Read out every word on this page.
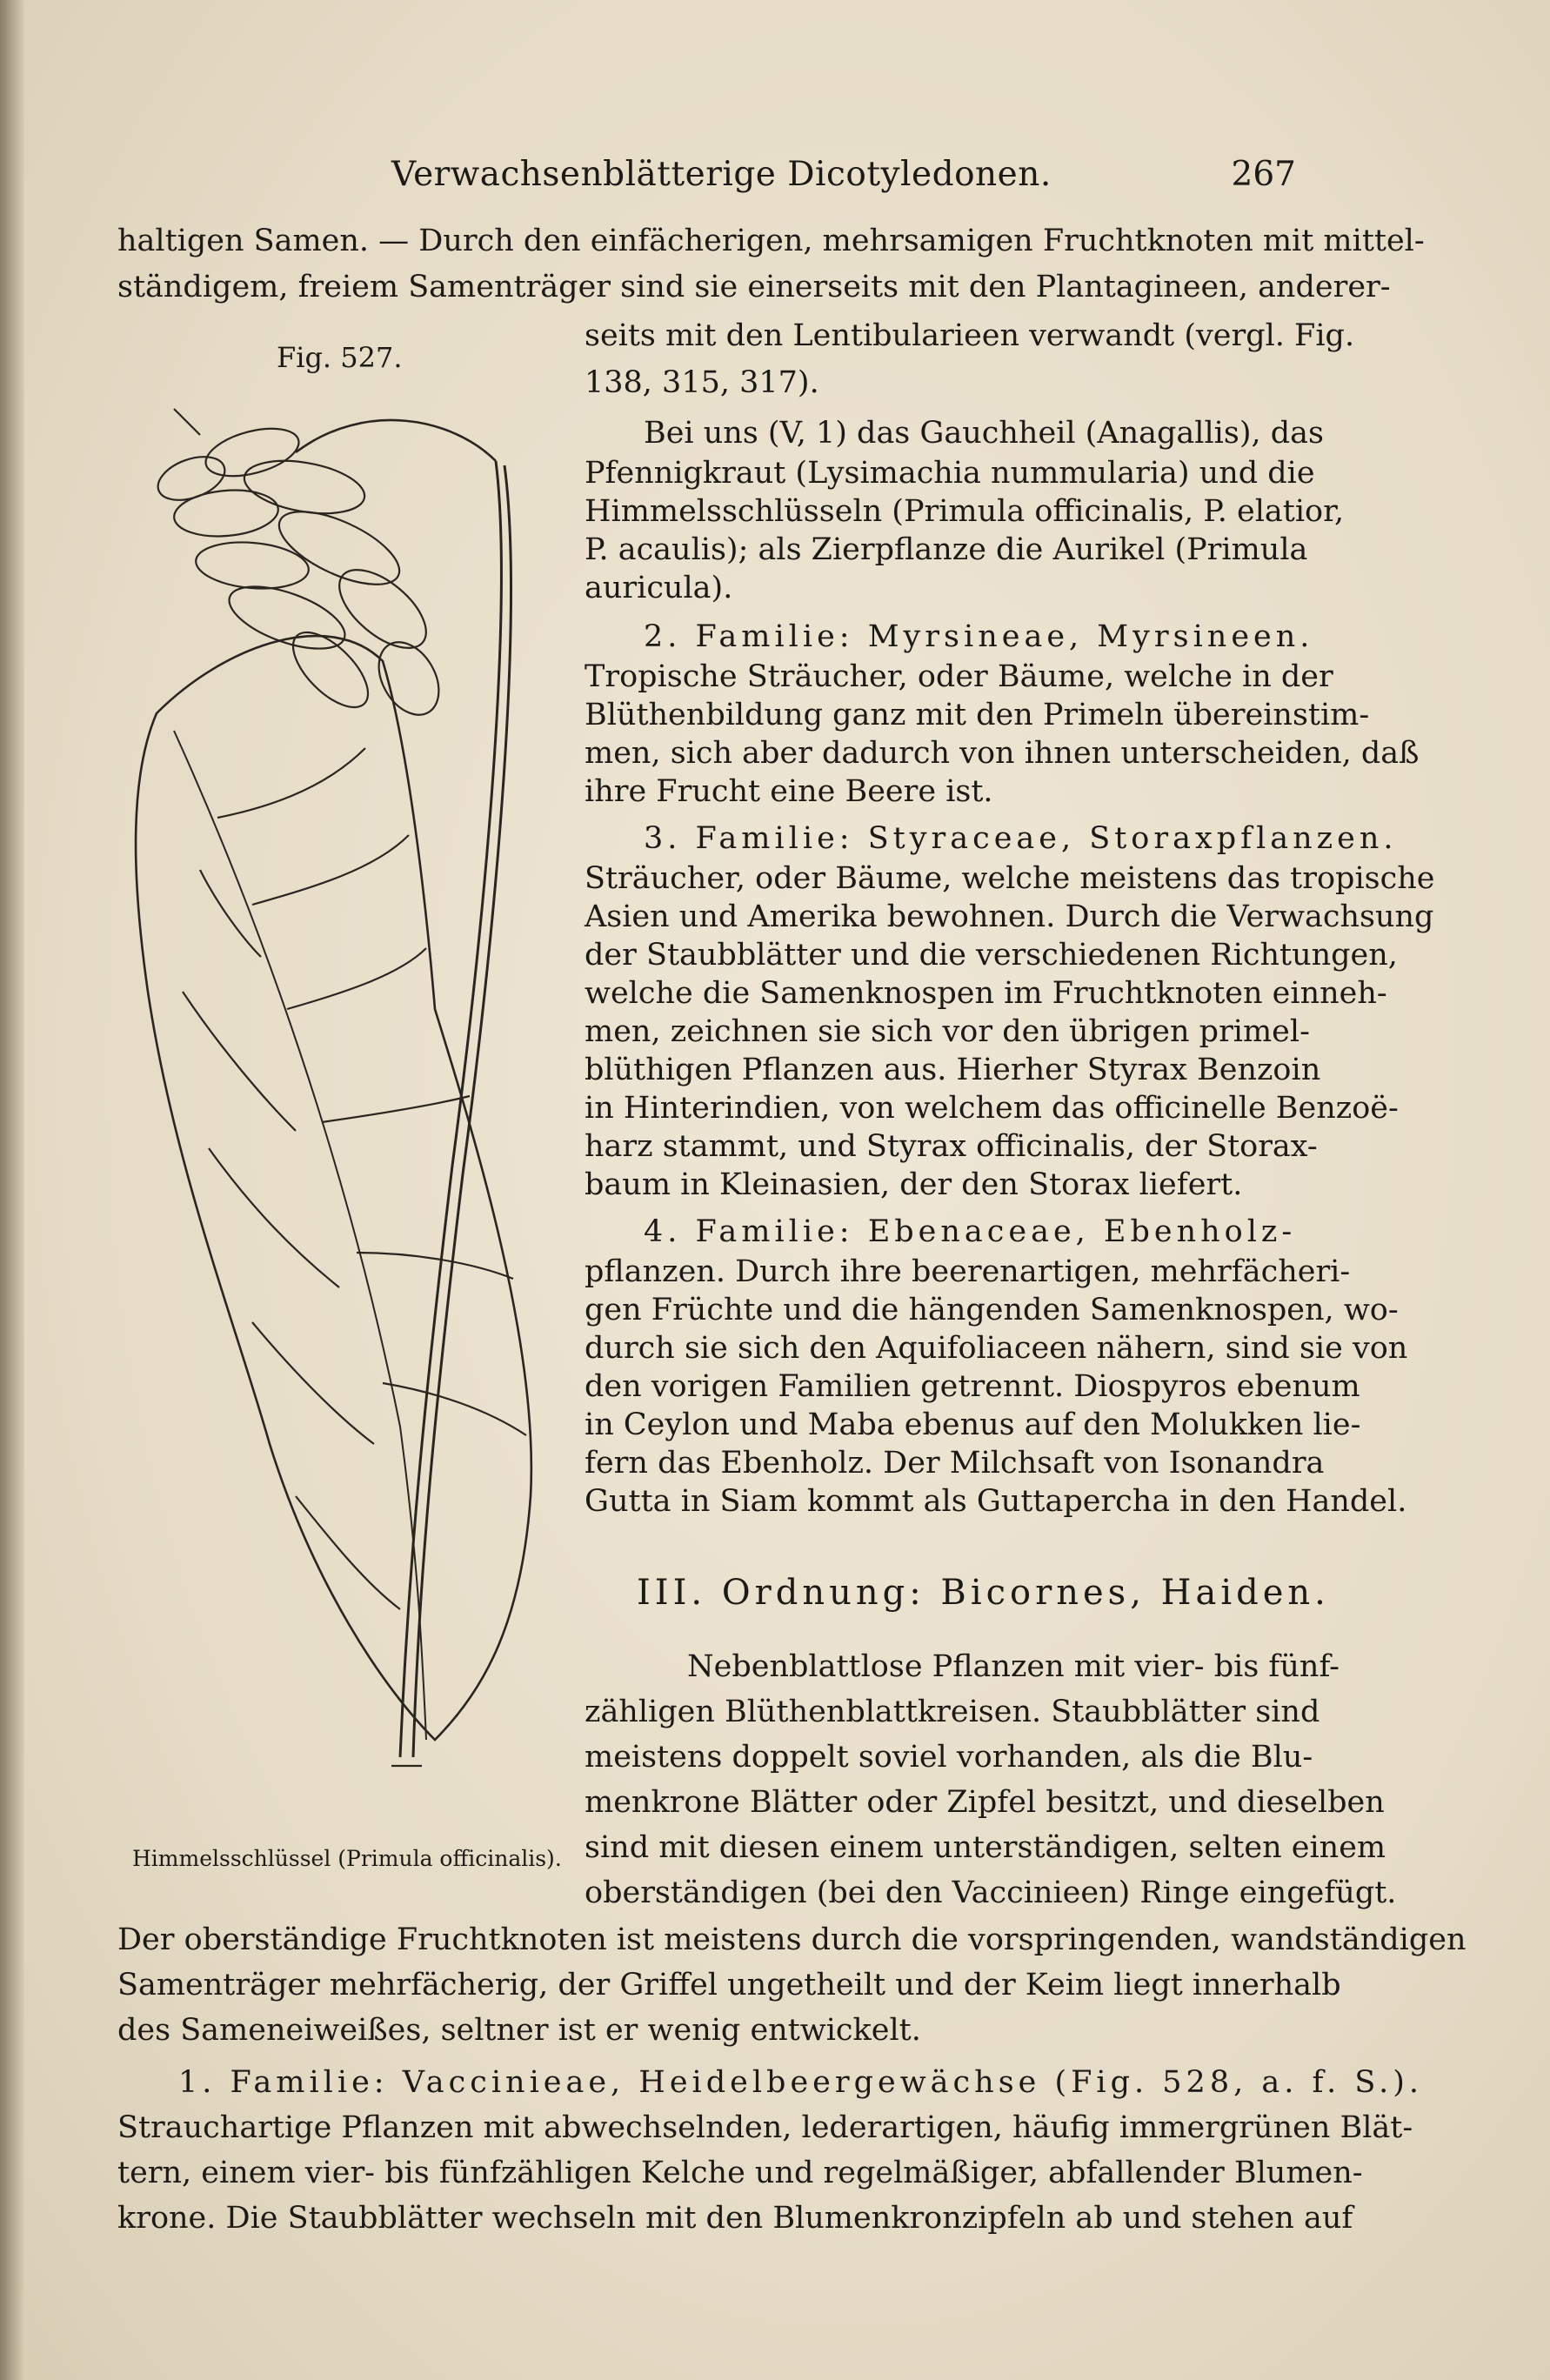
Verwachsenblätterige Dicotyledonen.	267
haltigen Samen. — Durch den einfächerigen, mehrsamigen Fruchtknoten mit mittel-
ständigem, freiem Samenträger sind sie einerseits mit den Plantagineen, anderer-
seits mit den Lentibularieen verwandt (vergl. Fig.
138, 315, 317).
Fig. 527.
Himmelsschlüssel (Primula officinalis).
Bei uns (V, 1) das Gauchheil (Anagallis), das
Pfennigkraut (Lysimachia nummularia) und die
Himmelsschlüsseln (Primula officinalis, P. elatior,
P. acaulis); als Zierpflanze die Aurikel (Primula
auricula).
2. Familie: Myrsineae, Myrsineen.
Tropische Sträucher, oder Bäume, welche in der
Blüthenbildung ganz mit den Primeln übereinstim-
men, sich aber dadurch von ihnen unterscheiden, daß
ihre Frucht eine Beere ist.
3. Familie: Styraceae, Storaxpflanzen.
Sträucher, oder Bäume, welche meistens das tropische
Asien und Amerika bewohnen. Durch die Verwachsung
der Staubblätter und die verschiedenen Richtungen,
welche die Samenknospen im Fruchtknoten einneh-
men, zeichnen sie sich vor den übrigen primel-
blüthigen Pflanzen aus. Hierher Styrax Benzoin
in Hinterindien, von welchem das officinelle Benzoë-
harz stammt, und Styrax officinalis, der Storax-
baum in Kleinasien, der den Storax liefert.
4. Familie: Ebenaceae, Ebenholz-
pflanzen. Durch ihre beerenartigen, mehrfächeri-
gen Früchte und die hängenden Samenknospen, wo-
durch sie sich den Aquifoliaceen nähern, sind sie von
den vorigen Familien getrennt. Diospyros ebenum
in Ceylon und Maba ebenus auf den Molukken lie-
fern das Ebenholz. Der Milchsaft von Isonandra
Gutta in Siam kommt als Guttapercha in den Handel.
III. Ordnung: Bicornes, Haiden.
Nebenblattlose Pflanzen mit vier- bis fünf-
zähligen Blüthenblattkreisen. Staubblätter sind
meistens doppelt soviel vorhanden, als die Blu-
menkrone Blätter oder Zipfel besitzt, und dieselben
sind mit diesen einem unterständigen, selten einem
oberständigen (bei den Vaccinieen) Ringe eingefügt.
Der oberständige Fruchtknoten ist meistens durch die vorspringenden, wandständigen
Samenträger mehrfächerig, der Griffel ungetheilt und der Keim liegt innerhalb
des Sameneiweißes, seltner ist er wenig entwickelt.
1. Familie: Vaccinieae, Heidelbeergewächse (Fig. 528, a. f. S.).
Strauchartige Pflanzen mit abwechselnden, lederartigen, häufig immergrünen Blät-
tern, einem vier- bis fünfzähligen Kelche und regelmäßiger, abfallender Blumen-
krone. Die Staubblätter wechseln mit den Blumenkronzipfeln ab und stehen auf
